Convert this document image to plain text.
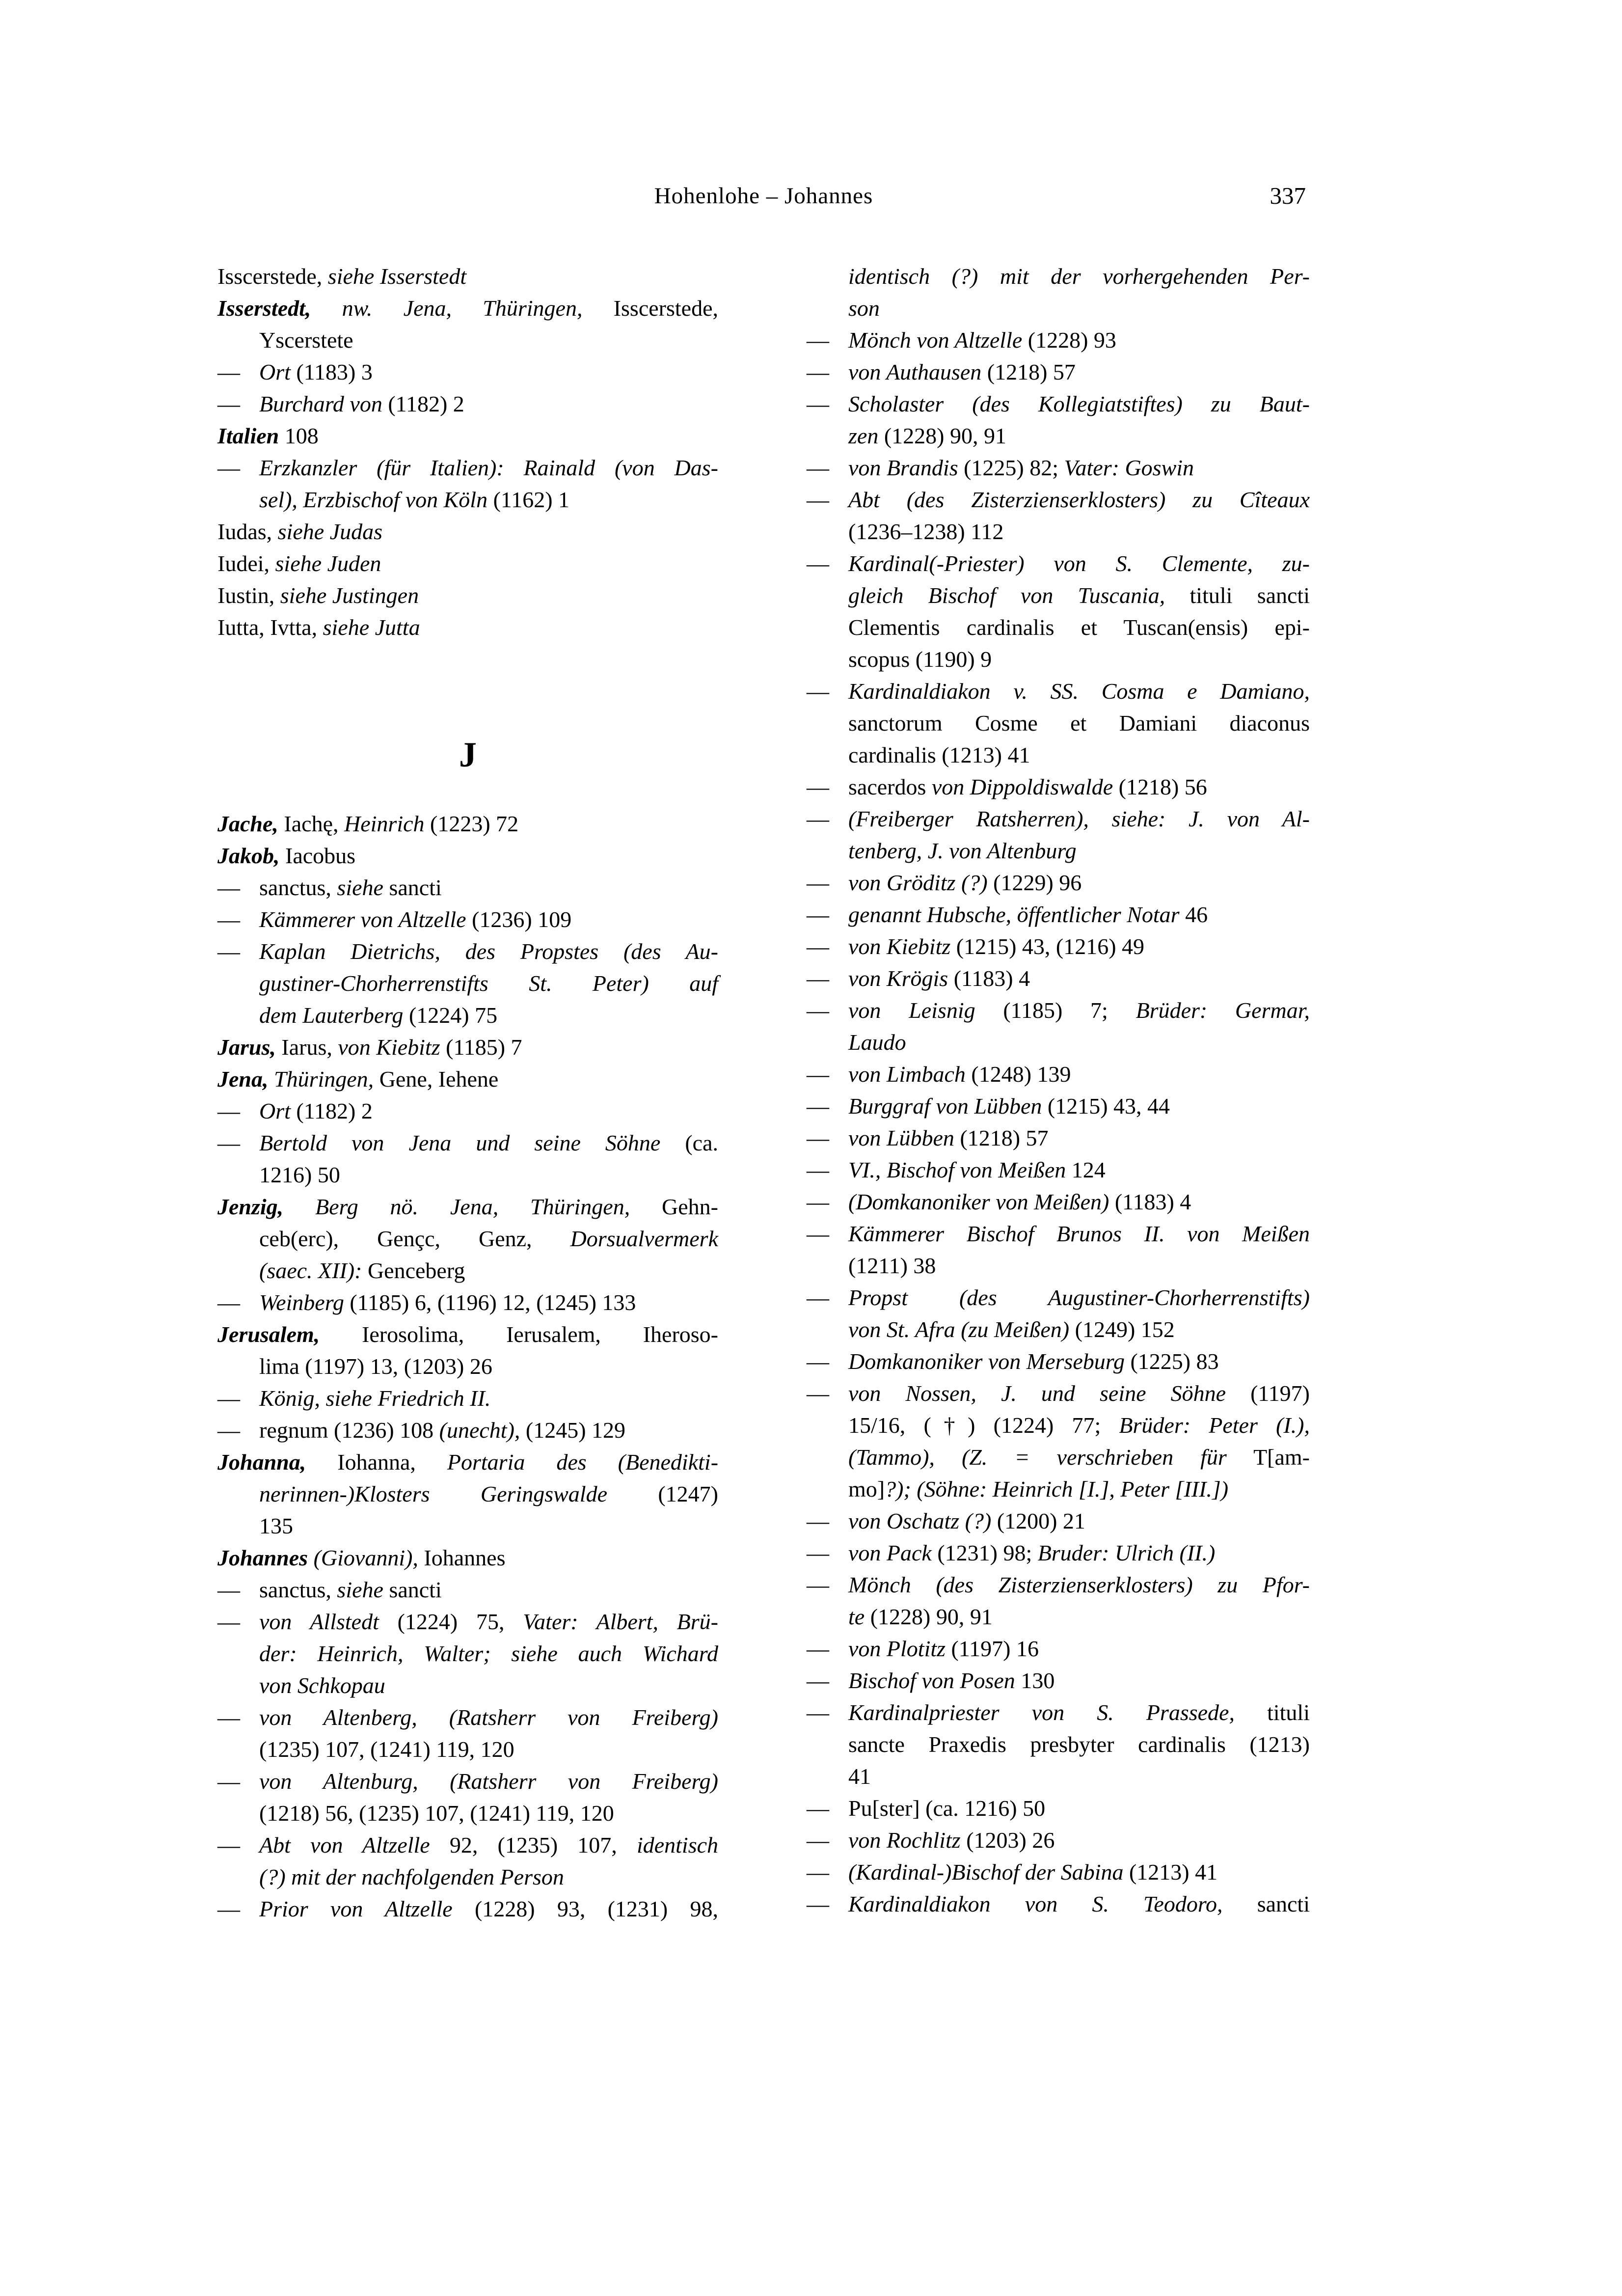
Hohenlohe – Johannes	337
Isscerstede, siehe Isserstedt
Isserstedt, nw. Jena, Thüringen, Isscerstede,
Yscerstete
— Ort (1183) 3
— Burchard von (1182) 2
Italien 108
— Erzkanzler (für Italien): Rainald (von Das-
sel), Erzbischof von Köln (1162) 1
Iudas, siehe Judas
Iudei, siehe Juden
Iustin, siehe Justingen
Iutta, Ivtta, siehe Jutta
J
Jache, Iachę, Heinrich (1223) 72
Jakob, Iacobus
— sanctus, siehe sancti
— Kämmerer von Altzelle (1236) 109
— Kaplan Dietrichs, des Propstes (des Au-
gustiner-Chorherrenstifts St. Peter) auf
dem Lauterberg (1224) 75
Jarus, Iarus, von Kiebitz (1185) 7
Jena, Thüringen, Gene, Iehene
— Ort (1182) 2
— Bertold von Jena und seine Söhne (ca.
1216) 50
Jenzig, Berg nö. Jena, Thüringen, Gehn-
ceb(erc), Gençc, Genz, Dorsualvermerk
(saec. XII): Genceberg
— Weinberg (1185) 6, (1196) 12, (1245) 133
Jerusalem, Ierosolima, Ierusalem, Iheroso-
lima (1197) 13, (1203) 26
— König, siehe Friedrich II.
— regnum (1236) 108 (unecht), (1245) 129
Johanna, Iohanna, Portaria des (Benedikti-
nerinnen-)Klosters Geringswalde (1247)
135
Johannes (Giovanni), Iohannes
— sanctus, siehe sancti
— von Allstedt (1224) 75, Vater: Albert, Brü-
der: Heinrich, Walter; siehe auch Wichard
von Schkopau
— von Altenberg, (Ratsherr von Freiberg)
(1235) 107, (1241) 119, 120
— von Altenburg, (Ratsherr von Freiberg)
(1218) 56, (1235) 107, (1241) 119, 120
— Abt von Altzelle 92, (1235) 107, identisch
(?) mit der nachfolgenden Person
— Prior von Altzelle (1228) 93, (1231) 98,
identisch (?) mit der vorhergehenden Per-
son
— Mönch von Altzelle (1228) 93
— von Authausen (1218) 57
— Scholaster (des Kollegiatstiftes) zu Baut-
zen (1228) 90, 91
— von Brandis (1225) 82; Vater: Goswin
— Abt (des Zisterzienserklosters) zu Cîteaux
(1236–1238) 112
— Kardinal(-Priester) von S. Clemente, zu-
gleich Bischof von Tuscania, tituli sancti
Clementis cardinalis et Tuscan(ensis) epi-
scopus (1190) 9
— Kardinaldiakon v. SS. Cosma e Damiano,
sanctorum Cosme et Damiani diaconus
cardinalis (1213) 41
— sacerdos von Dippoldiswalde (1218) 56
— (Freiberger Ratsherren), siehe: J. von Al-
tenberg, J. von Altenburg
— von Gröditz (?) (1229) 96
— genannt Hubsche, öffentlicher Notar 46
— von Kiebitz (1215) 43, (1216) 49
— von Krögis (1183) 4
— von Leisnig (1185) 7; Brüder: Germar,
Laudo
— von Limbach (1248) 139
— Burggraf von Lübben (1215) 43, 44
— von Lübben (1218) 57
— VI., Bischof von Meißen 124
— (Domkanoniker von Meißen) (1183) 4
— Kämmerer Bischof Brunos II. von Meißen
(1211) 38
— Propst (des Augustiner-Chorherrenstifts)
von St. Afra (zu Meißen) (1249) 152
— Domkanoniker von Merseburg (1225) 83
— von Nossen, J. und seine Söhne (1197)
15/16, (†) (1224) 77; Brüder: Peter (I.),
(Tammo), (Z. = verschrieben für T[am-
mo]?); (Söhne: Heinrich [I.], Peter [III.])
— von Oschatz (?) (1200) 21
— von Pack (1231) 98; Bruder: Ulrich (II.)
— Mönch (des Zisterzienserklosters) zu Pfor-
te (1228) 90, 91
— von Plotitz (1197) 16
— Bischof von Posen 130
— Kardinalpriester von S. Prassede, tituli
sancte Praxedis presbyter cardinalis (1213)
41
— Pu[ster] (ca. 1216) 50
— von Rochlitz (1203) 26
— (Kardinal-)Bischof der Sabina (1213) 41
— Kardinaldiakon von S. Teodoro, sancti
